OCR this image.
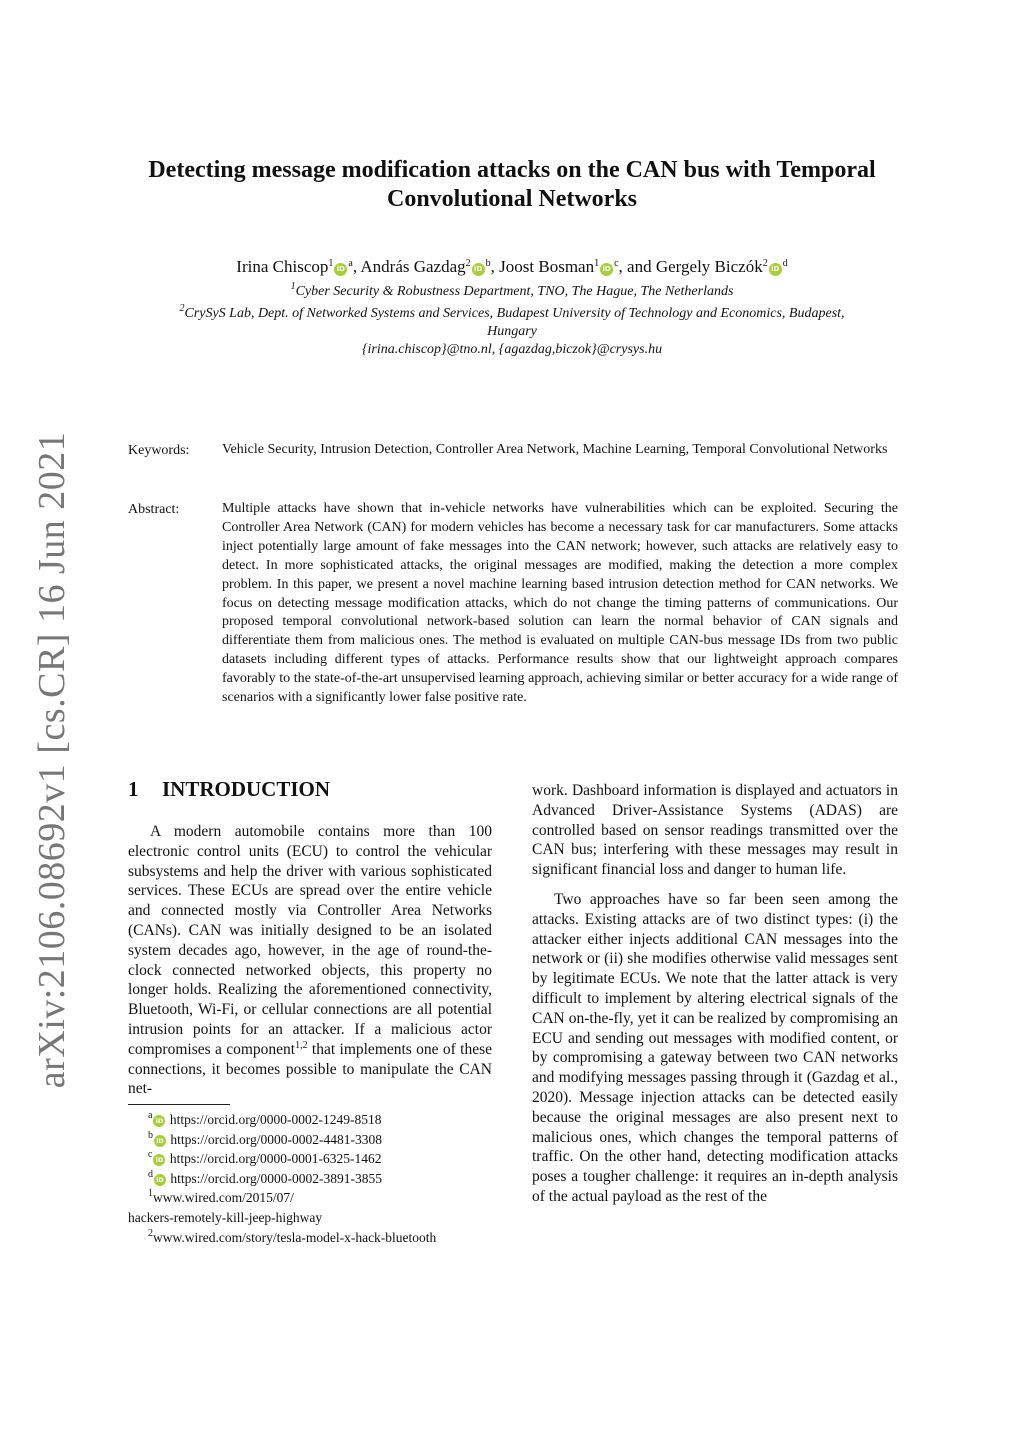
arXiv:2106.08692v1 [cs.CR] 16 Jun 2021
Detecting message modification attacks on the CAN bus with Temporal
Convolutional Networks
Irina Chiscop$^1$ iD $^a$, András Gazdag$^2$ iD $^b$, Joost Bosman$^1$ iD $^c$, and Gergely Biczók$^2$ iD $^d$
$^1$Cyber Security & Robustness Department, TNO, The Hague, The Netherlands
$^2$CrySyS Lab, Dept. of Networked Systems and Services, Budapest University of Technology and Economics, Budapest,
Hungary
{irina.chiscop}@tno.nl, {agazdag,biczok}@crysys.hu
Keywords: Vehicle Security, Intrusion Detection, Controller Area Network, Machine Learning, Temporal Convolutional Networks
Abstract:	Multiple attacks have shown that in-vehicle networks have vulnerabilities which can be exploited. Securing the Controller Area Network (CAN) for modern vehicles has become a necessary task for car manufacturers. Some attacks inject potentially large amount of fake messages into the CAN network; however, such attacks are relatively easy to detect. In more sophisticated attacks, the original messages are modified, making the detection a more complex problem. In this paper, we present a novel machine learning based intrusion detection method for CAN networks. We focus on detecting message modification attacks, which do not change the timing patterns of communications. Our proposed temporal convolutional network-based solution can learn the normal behavior of CAN signals and differentiate them from malicious ones. The method is evaluated on multiple CAN-bus message IDs from two public datasets including different types of attacks. Performance results show that our lightweight approach compares favorably to the state-of-the-art unsupervised learning approach, achieving similar or better accuracy for a wide range of scenarios with a significantly lower false positive rate.
1 INTRODUCTION

A modern automobile contains more than 100 electronic control units (ECU) to control the vehicular subsystems and help the driver with various sophisticated services. These ECUs are spread over the entire vehicle and connected mostly via Controller Area Networks (CANs). CAN was initially designed to be an isolated system decades ago, however, in the age of round-the-clock connected networked objects, this property no longer holds. Realizing the aforementioned connectivity, Bluetooth, Wi-Fi, or cellular connections are all potential intrusion points for an attacker. If a malicious actor compromises a component$^{1,2}$ that implements one of these connections, it becomes possible to manipulate the CAN net-

work. Dashboard information is displayed and actuators in Advanced Driver-Assistance Systems (ADAS) are controlled based on sensor readings transmitted over the CAN bus; interfering with these messages may result in significant financial loss and danger to human life.

Two approaches have so far been seen among the attacks. Existing attacks are of two distinct types: (i) the attacker either injects additional CAN messages into the network or (ii) she modifies otherwise valid messages sent by legitimate ECUs. We note that the latter attack is very difficult to implement by altering electrical signals of the CAN on-the-fly, yet it can be realized by compromising an ECU and sending out messages with modified content, or by compromising a gateway between two CAN networks and modifying messages passing through it (Gazdag et al., 2020). Message injection attacks can be detected easily because the original messages are also present next to malicious ones, which changes the temporal patterns of traffic. On the other hand, detecting modification attacks poses a tougher challenge: it requires an in-depth analysis of the actual payload as the rest of the

$^a$ iD https://orcid.org/0000-0002-1249-8518
$^b$ iD https://orcid.org/0000-0002-4481-3308
$^c$ iD https://orcid.org/0000-0001-6325-1462
$^d$ iD https://orcid.org/0000-0002-3891-3855
$^1$www.wired.com/2015/07/
hackers-remotely-kill-jeep-highway
$^2$www.wired.com/story/tesla-model-x-hack-bluetooth
